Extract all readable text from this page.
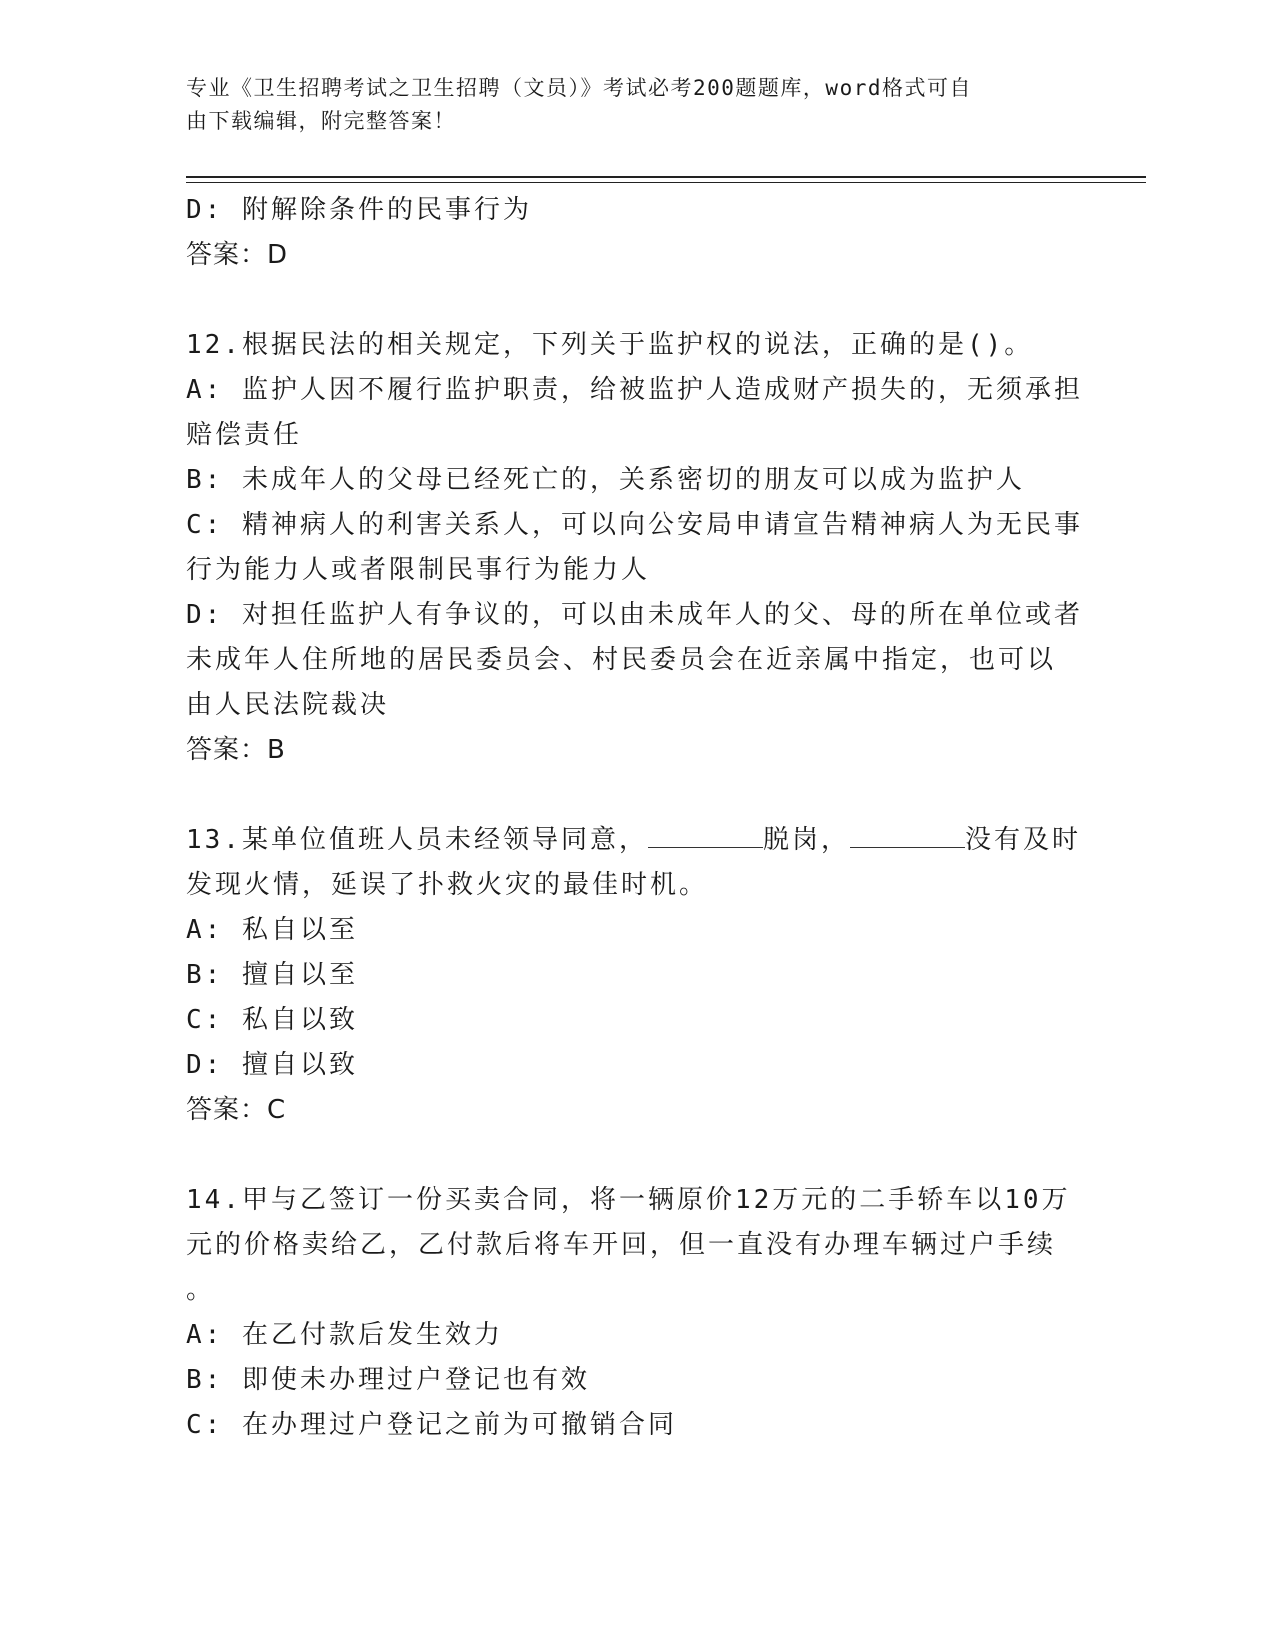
专业《卫生招聘考试之卫生招聘（文员）》考试必考200题题库，word格式可自
由下载编辑，附完整答案！
D: 附解除条件的民事行为
答案：D
12.根据民法的相关规定，下列关于监护权的说法，正确的是()。
A: 监护人因不履行监护职责，给被监护人造成财产损失的，无须承担
赔偿责任
B: 未成年人的父母已经死亡的，关系密切的朋友可以成为监护人
C: 精神病人的利害关系人，可以向公安局申请宣告精神病人为无民事
行为能力人或者限制民事行为能力人
D: 对担任监护人有争议的，可以由未成年人的父、母的所在单位或者
未成年人住所地的居民委员会、村民委员会在近亲属中指定，也可以
由人民法院裁决
答案：B
13.某单位值班人员未经领导同意，	脱岗，	没有及时
发现火情，延误了扑救火灾的最佳时机。
A: 私自以至
B: 擅自以至
C: 私自以致
D: 擅自以致
答案：C
14.甲与乙签订一份买卖合同，将一辆原价12万元的二手轿车以10万
元的价格卖给乙，乙付款后将车开回，但一直没有办理车辆过户手续
。
A: 在乙付款后发生效力
B: 即使未办理过户登记也有效
C: 在办理过户登记之前为可撤销合同
